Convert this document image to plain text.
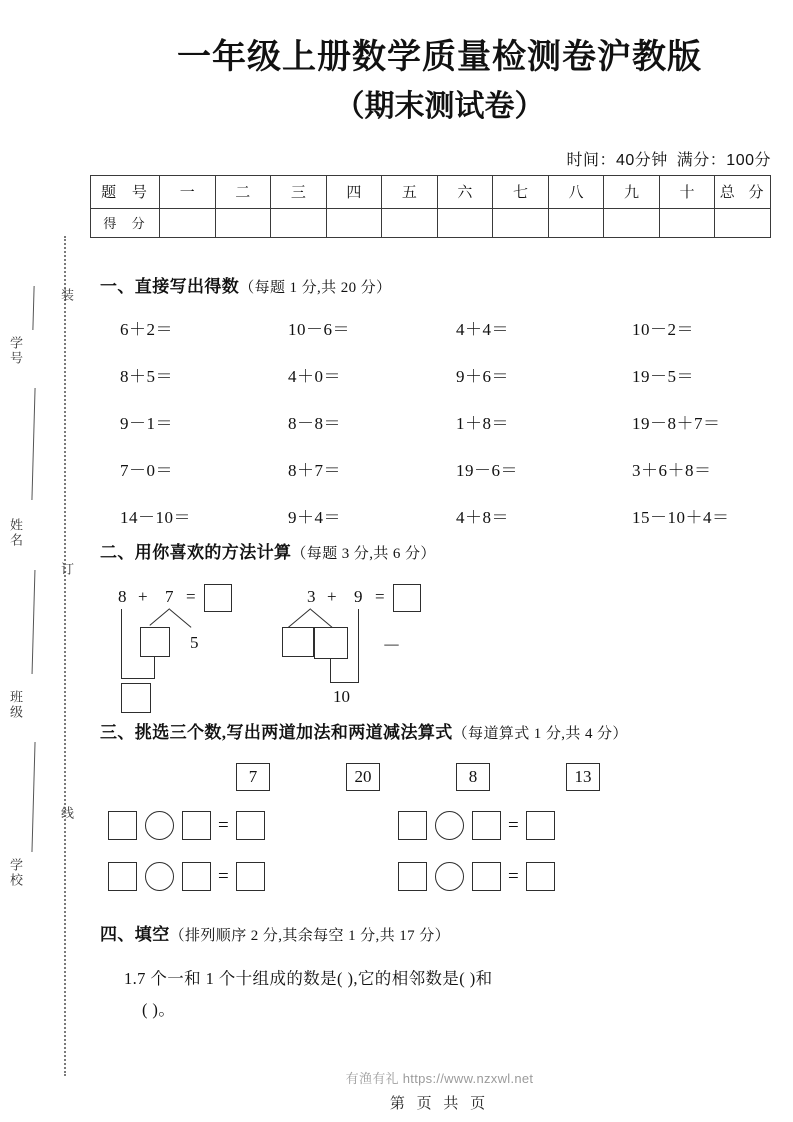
装
订
线
学号
姓名
班级
学校
一年级上册数学质量检测卷沪教版
（期末测试卷）
时间：40分钟 满分：100分
题 号	一	二	三	四	五	六	七	八	九	十	总 分
得 分											

一、直接写出得数（每题 1 分,共 20 分）

6＋2＝	10－6＝	4＋4＝	10－2＝
8＋5＝	4＋0＝	9＋6＝	19－5＝
9－1＝	8－8＝	1＋8＝	19－8＋7＝
7－0＝	8＋7＝	19－6＝	3＋6＋8＝
14－10＝	9＋4＝	4＋8＝	15－10＋4＝

二、用你喜欢的方法计算（每题 3 分,共 6 分）

8 + 7 =
5
3 + 9 =
10
－

三、挑选三个数,写出两道加法和两道减法算式（每道算式 1 分,共 4 分）

7	20	8	13
=	=
=	=

四、填空（排列顺序 2 分,其余每空 1 分,共 17 分）

1.7 个一和 1 个十组成的数是( ),它的相邻数是( )和
( )。
有渔有礼 https://www.nzxwl.net
第 页 共 页
